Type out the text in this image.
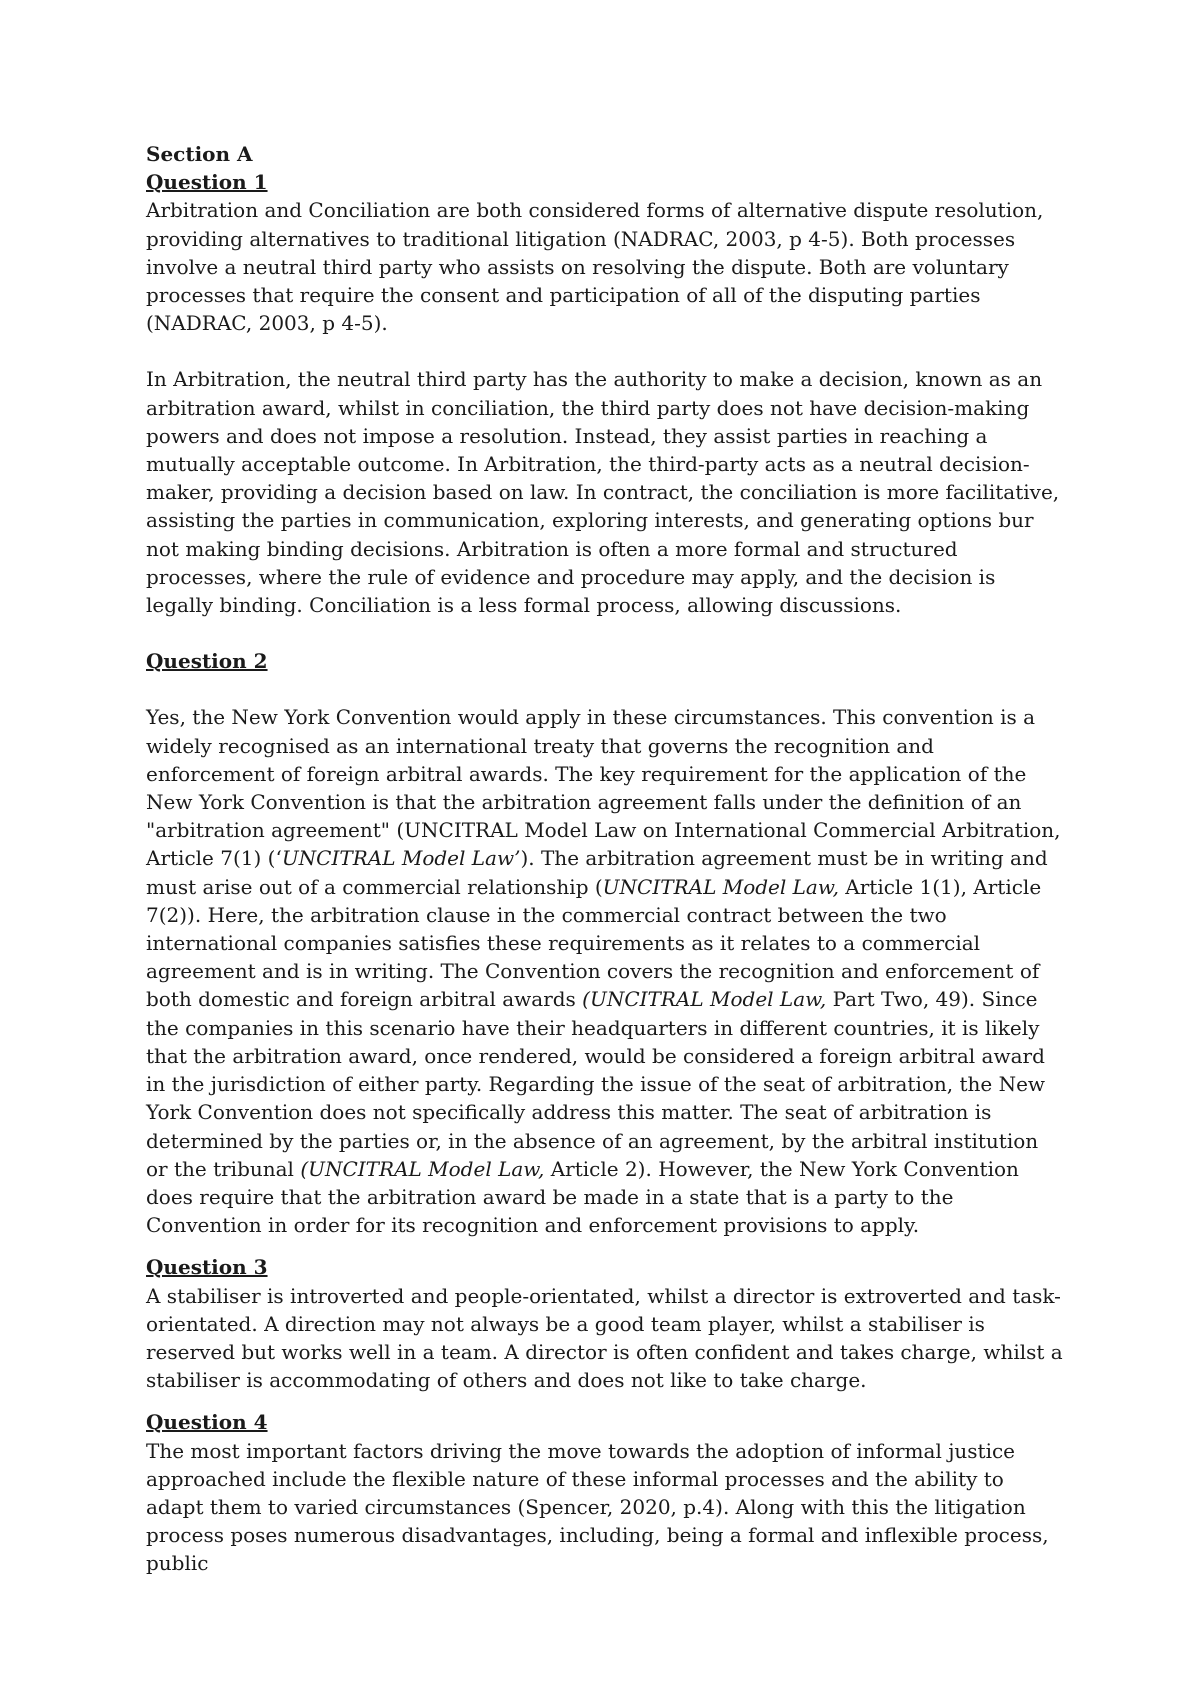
Section A

Question 1

Arbitration and Conciliation are both considered forms of alternative dispute resolution, providing alternatives to traditional litigation (NADRAC, 2003, p 4-5). Both processes involve a neutral third party who assists on resolving the dispute. Both are voluntary processes that require the consent and participation of all of the disputing parties (NADRAC, 2003, p 4-5).

In Arbitration, the neutral third party has the authority to make a decision, known as an arbitration award, whilst in conciliation, the third party does not have decision-making powers and does not impose a resolution. Instead, they assist parties in reaching a mutually acceptable outcome. In Arbitration, the third-party acts as a neutral decision-maker, providing a decision based on law. In contract, the conciliation is more facilitative, assisting the parties in communication, exploring interests, and generating options bur not making binding decisions. Arbitration is often a more formal and structured processes, where the rule of evidence and procedure may apply, and the decision is legally binding. Conciliation is a less formal process, allowing discussions.

Question 2

Yes, the New York Convention would apply in these circumstances. This convention is a widely recognised as an international treaty that governs the recognition and enforcement of foreign arbitral awards. The key requirement for the application of the New York Convention is that the arbitration agreement falls under the definition of an "arbitration agreement" (UNCITRAL Model Law on International Commercial Arbitration, Article 7(1) (‘UNCITRAL Model Law’). The arbitration agreement must be in writing and must arise out of a commercial relationship (UNCITRAL Model Law, Article 1(1), Article 7(2)). Here, the arbitration clause in the commercial contract between the two international companies satisfies these requirements as it relates to a commercial agreement and is in writing. The Convention covers the recognition and enforcement of both domestic and foreign arbitral awards (UNCITRAL Model Law, Part Two, 49). Since the companies in this scenario have their headquarters in different countries, it is likely that the arbitration award, once rendered, would be considered a foreign arbitral award in the jurisdiction of either party. Regarding the issue of the seat of arbitration, the New York Convention does not specifically address this matter. The seat of arbitration is determined by the parties or, in the absence of an agreement, by the arbitral institution or the tribunal (UNCITRAL Model Law, Article 2). However, the New York Convention does require that the arbitration award be made in a state that is a party to the Convention in order for its recognition and enforcement provisions to apply.

Question 3

A stabiliser is introverted and people-orientated, whilst a director is extroverted and task-orientated. A direction may not always be a good team player, whilst a stabiliser is reserved but works well in a team. A director is often confident and takes charge, whilst a stabiliser is accommodating of others and does not like to take charge.

Question 4

The most important factors driving the move towards the adoption of informal justice approached include the flexible nature of these informal processes and the ability to adapt them to varied circumstances (Spencer, 2020, p.4). Along with this the litigation process poses numerous disadvantages, including, being a formal and inflexible process, public
